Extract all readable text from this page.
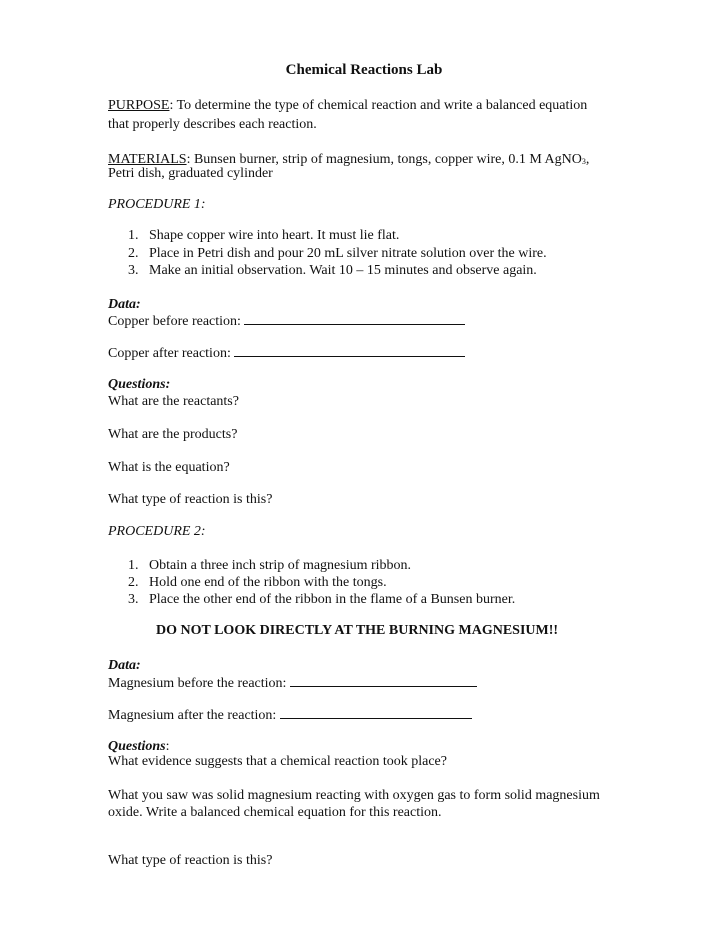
Chemical Reactions Lab
PURPOSE: To determine the type of chemical reaction and write a balanced equation
that properly describes each reaction.
MATERIALS: Bunsen burner, strip of magnesium, tongs, copper wire, 0.1 M AgNO$_3$,
Petri dish, graduated cylinder
PROCEDURE 1:
1. Shape copper wire into heart. It must lie flat.
2. Place in Petri dish and pour 20 mL silver nitrate solution over the wire.
3. Make an initial observation. Wait 10 – 15 minutes and observe again.
Data:
Copper before reaction:
Copper after reaction:
Questions:
What are the reactants?
What are the products?
What is the equation?
What type of reaction is this?
PROCEDURE 2:
1. Obtain a three inch strip of magnesium ribbon.
2. Hold one end of the ribbon with the tongs.
3. Place the other end of the ribbon in the flame of a Bunsen burner.
DO NOT LOOK DIRECTLY AT THE BURNING MAGNESIUM!!
Data:
Magnesium before the reaction:
Magnesium after the reaction:
Questions:
What evidence suggests that a chemical reaction took place?
What you saw was solid magnesium reacting with oxygen gas to form solid magnesium
oxide. Write a balanced chemical equation for this reaction.
What type of reaction is this?
